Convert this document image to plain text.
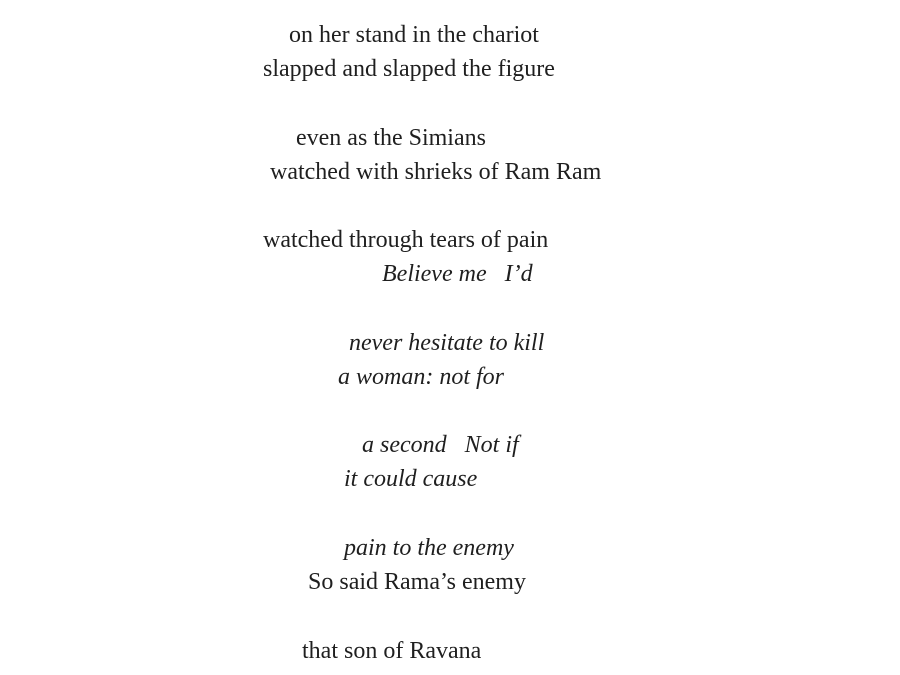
on her stand in the chariot
slapped and slapped the figure
even as the Simians
watched with shrieks of Ram Ram
watched through tears of pain
Believe me I’d
never hesitate to kill
a woman: not for
a second Not if
it could cause
pain to the enemy
So said Rama’s enemy
that son of Ravana
